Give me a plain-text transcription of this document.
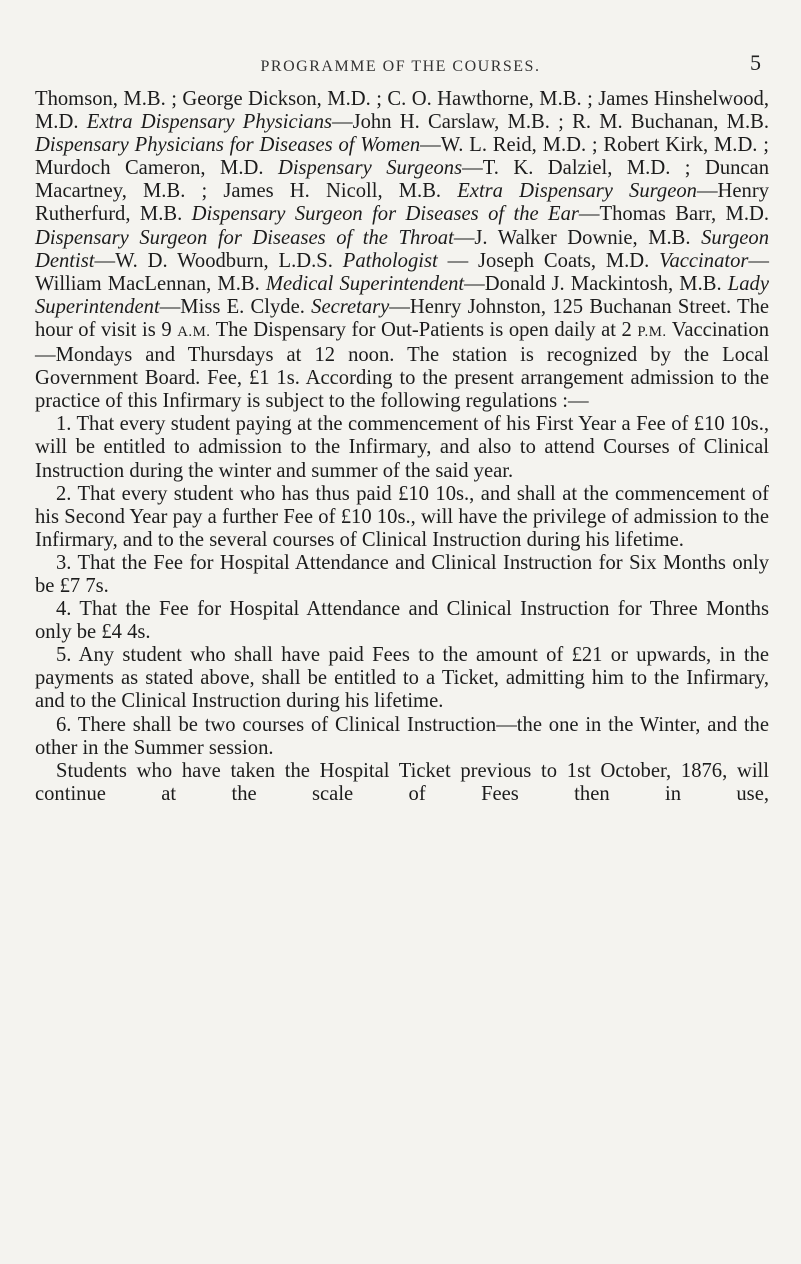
PROGRAMME OF THE COURSES.	5

Thomson, M.B. ; George Dickson, M.D. ; C. O. Hawthorne, M.B. ; James Hinshelwood, M.D. Extra Dispensary Physicians—John H. Carslaw, M.B. ; R. M. Buchanan, M.B. Dispensary Physicians for Diseases of Women—W. L. Reid, M.D. ; Robert Kirk, M.D. ; Murdoch Cameron, M.D. Dispensary Surgeons—T. K. Dalziel, M.D. ; Duncan Macartney, M.B. ; James H. Nicoll, M.B. Extra Dispensary Surgeon—Henry Rutherfurd, M.B. Dispensary Surgeon for Diseases of the Ear—Thomas Barr, M.D. Dispensary Surgeon for Diseases of the Throat—J. Walker Downie, M.B. Surgeon Dentist—W. D. Woodburn, L.D.S. Pathologist — Joseph Coats, M.D. Vaccinator—William MacLennan, M.B. Medical Superintendent—Donald J. Mackintosh, M.B. Lady Superintendent—Miss E. Clyde. Secretary—Henry Johnston, 125 Buchanan Street. The hour of visit is 9 A.M. The Dispensary for Out-Patients is open daily at 2 P.M. Vaccination—Mondays and Thursdays at 12 noon. The station is recognized by the Local Government Board. Fee, £1 1s. According to the present arrangement admission to the practice of this Infirmary is subject to the following regulations :—

1. That every student paying at the commencement of his First Year a Fee of £10 10s., will be entitled to admission to the Infirmary, and also to attend Courses of Clinical Instruction during the winter and summer of the said year.

2. That every student who has thus paid £10 10s., and shall at the commencement of his Second Year pay a further Fee of £10 10s., will have the privilege of admission to the Infirmary, and to the several courses of Clinical Instruction during his lifetime.

3. That the Fee for Hospital Attendance and Clinical Instruction for Six Months only be £7 7s.

4. That the Fee for Hospital Attendance and Clinical Instruction for Three Months only be £4 4s.

5. Any student who shall have paid Fees to the amount of £21 or upwards, in the payments as stated above, shall be entitled to a Ticket, admitting him to the Infirmary, and to the Clinical Instruction during his lifetime.

6. There shall be two courses of Clinical Instruction—the one in the Winter, and the other in the Summer session.

Students who have taken the Hospital Ticket previous to 1st October, 1876, will continue at the scale of Fees then in use,
